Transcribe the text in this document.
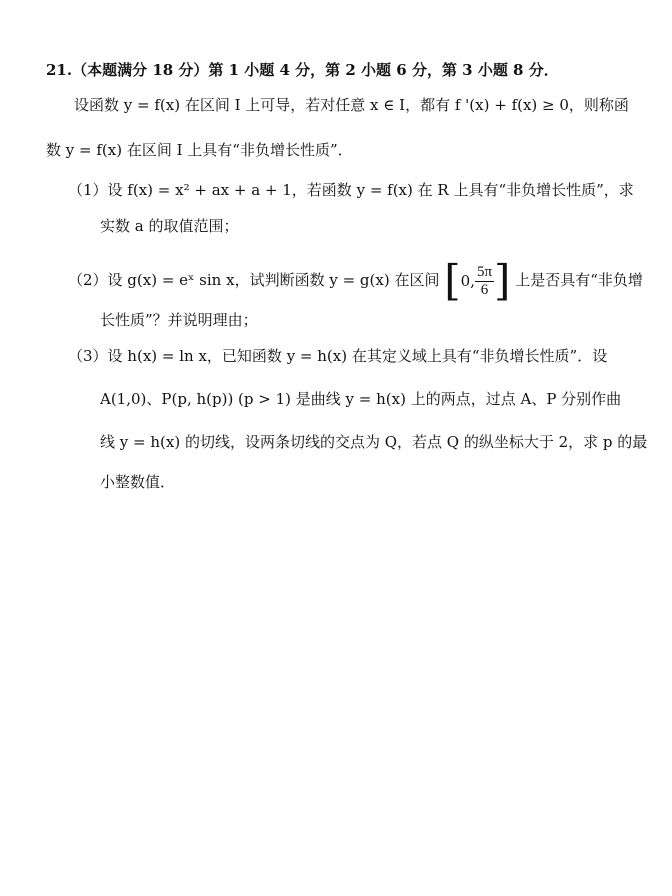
21.（本题满分 18 分）第 1 小题 4 分，第 2 小题 6 分，第 3 小题 8 分．
设函数 y = f(x) 在区间 I 上可导，若对任意 x ∈ I，都有 f '(x) + f(x) ≥ 0，则称函
数 y = f(x) 在区间 I 上具有“非负增长性质”．
（1）设 f(x) = x² + ax + a + 1，若函数 y = f(x) 在 R 上具有“非负增长性质”，求
实数 a 的取值范围；
（2）设 g(x) = eˣ sin x，试判断函数 y = g(x) 在区间 [0, $\frac{5\pi}{6}$ ] 上是否具有“非负增
长性质”？并说明理由；
（3）设 h(x) = ln x，已知函数 y = h(x) 在其定义域上具有“非负增长性质”．设
A(1,0)、P(p, h(p)) (p > 1) 是曲线 y = h(x) 上的两点，过点 A、P 分别作曲
线 y = h(x) 的切线，设两条切线的交点为 Q，若点 Q 的纵坐标大于 2，求 p 的最
小整数值．
